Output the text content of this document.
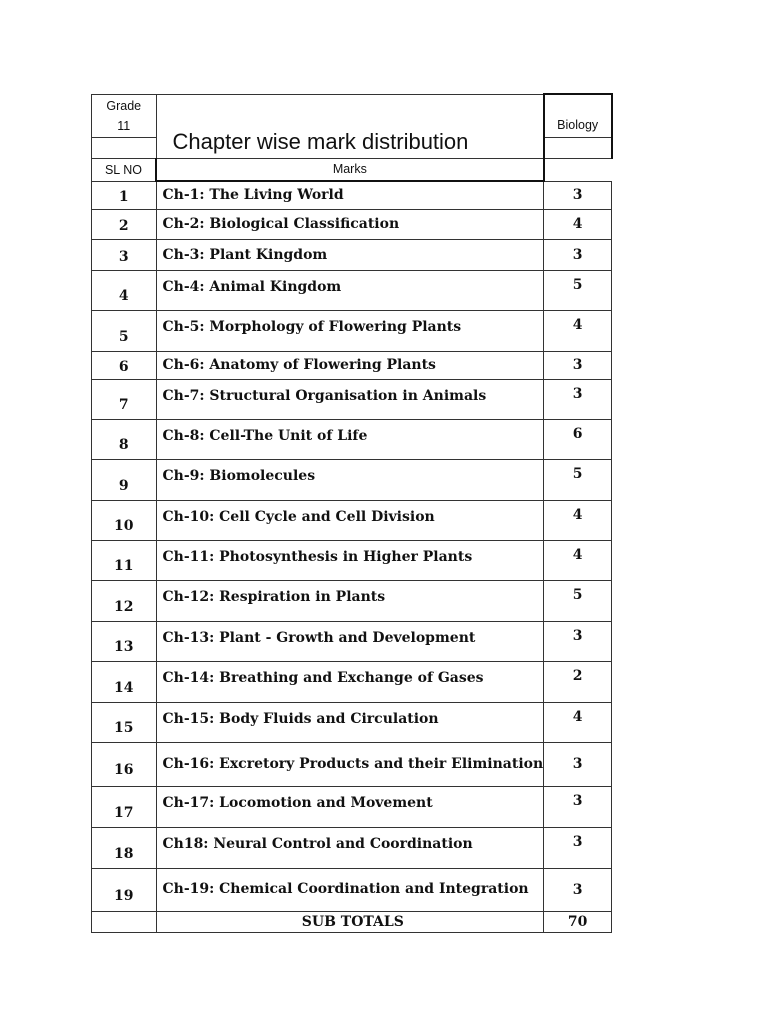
Grade
11	Chapter wise mark distribution	Biology

SL NO	Marks	

1	Ch-1: The Living World	3

2	Ch-2: Biological Classification	4

3	Ch-3: Plant Kingdom	3

4	Ch-4: Animal Kingdom	5

5	Ch-5: Morphology of Flowering Plants	4

6	Ch-6: Anatomy of Flowering Plants	3

7	Ch-7: Structural Organisation in Animals	3

8	Ch-8: Cell-The Unit of Life	6

9	Ch-9: Biomolecules	5

10	Ch-10: Cell Cycle and Cell Division	4

11	Ch-11: Photosynthesis in Higher Plants	4

12	Ch-12: Respiration in Plants	5

13	Ch-13: Plant - Growth and Development	3

14	Ch-14: Breathing and Exchange of Gases	2

15	Ch-15: Body Fluids and Circulation	4

16	Ch-16: Excretory Products and their Elimination	3

17	Ch-17: Locomotion and Movement	3

18	Ch18: Neural Control and Coordination	3

19	Ch-19: Chemical Coordination and Integration	3
	SUB TOTALS	70
